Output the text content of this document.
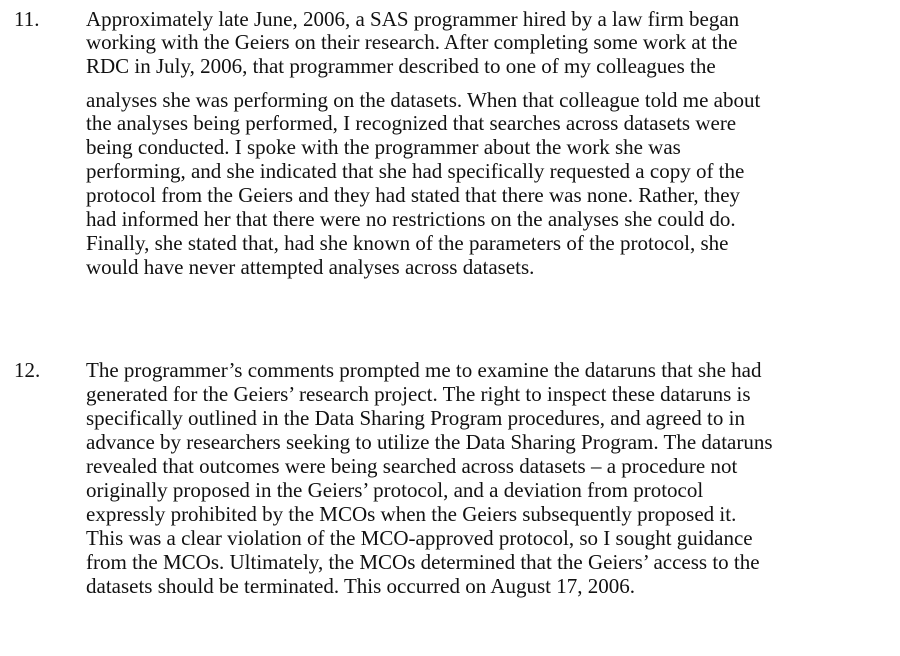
11. Approximately late June, 2006, a SAS programmer hired by a law firm began
working with the Geiers on their research. After completing some work at the
RDC in July, 2006, that programmer described to one of my colleagues the
analyses she was performing on the datasets. When that colleague told me about
the analyses being performed, I recognized that searches across datasets were
being conducted. I spoke with the programmer about the work she was
performing, and she indicated that she had specifically requested a copy of the
protocol from the Geiers and they had stated that there was none. Rather, they
had informed her that there were no restrictions on the analyses she could do.
Finally, she stated that, had she known of the parameters of the protocol, she
would have never attempted analyses across datasets.
12. The programmer’s comments prompted me to examine the dataruns that she had
generated for the Geiers’ research project. The right to inspect these dataruns is
specifically outlined in the Data Sharing Program procedures, and agreed to in
advance by researchers seeking to utilize the Data Sharing Program. The dataruns
revealed that outcomes were being searched across datasets – a procedure not
originally proposed in the Geiers’ protocol, and a deviation from protocol
expressly prohibited by the MCOs when the Geiers subsequently proposed it.
This was a clear violation of the MCO-approved protocol, so I sought guidance
from the MCOs. Ultimately, the MCOs determined that the Geiers’ access to the
datasets should be terminated. This occurred on August 17, 2006.
